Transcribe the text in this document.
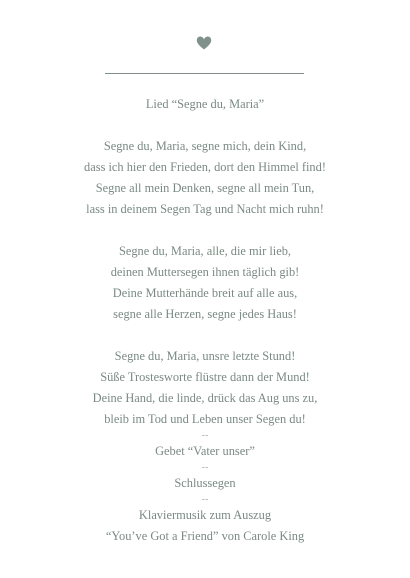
Lied “Segne du, Maria”
Segne du, Maria, segne mich, dein Kind,
dass ich hier den Frieden, dort den Himmel find!
Segne all mein Denken, segne all mein Tun,
lass in deinem Segen Tag und Nacht mich ruhn!
Segne du, Maria, alle, die mir lieb,
deinen Muttersegen ihnen täglich gib!
Deine Mutterhände breit auf alle aus,
segne alle Herzen, segne jedes Haus!
Segne du, Maria, unsre letzte Stund!
Süße Trostesworte flüstre dann der Mund!
Deine Hand, die linde, drück das Aug uns zu,
bleib im Tod und Leben unser Segen du!
--
Gebet “Vater unser”
--
Schlussegen
--
Klaviermusik zum Auszug
“You’ve Got a Friend” von Carole King
